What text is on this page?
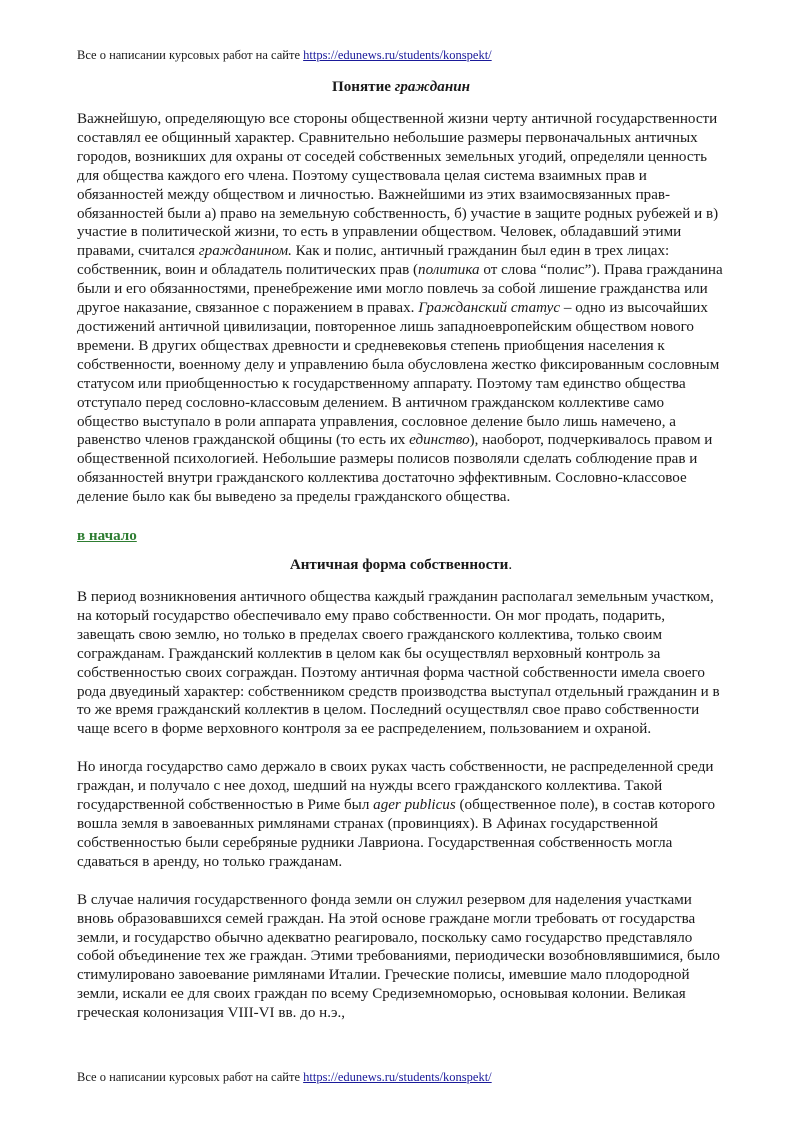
Все о написании курсовых работ на сайте https://edunews.ru/students/konspekt/
Понятие гражданин

Важнейшую, определяющую все стороны общественной жизни черту античной государственности составлял ее общинный характер. Сравнительно небольшие размеры первоначальных античных городов, возникших для охраны от соседей собственных земельных угодий, определяли ценность для общества каждого его члена. Поэтому существовала целая система взаимных прав и обязанностей между обществом и личностью. Важнейшими из этих взаимосвязанных прав-обязанностей были а) право на земельную собственность, б) участие в защите родных рубежей и в) участие в политической жизни, то есть в управлении обществом. Человек, обладавший этими правами, считался гражданином. Как и полис, античный гражданин был един в трех лицах: собственник, воин и обладатель политических прав (политика от слова “полис”). Права гражданина были и его обязанностями, пренебрежение ими могло повлечь за собой лишение гражданства или другое наказание, связанное с поражением в правах. Гражданский статус – одно из высочайших достижений античной цивилизации, повторенное лишь западноевропейским обществом нового времени. В других обществах древности и средневековья степень приобщения населения к собственности, военному делу и управлению была обусловлена жестко фиксированным сословным статусом или приобщенностью к государственному аппарату. Поэтому там единство общества отступало перед сословно-классовым делением. В античном гражданском коллективе само общество выступало в роли аппарата управления, сословное деление было лишь намечено, а равенство членов гражданской общины (то есть их единство), наоборот, подчеркивалось правом и общественной психологией. Небольшие размеры полисов позволяли сделать соблюдение прав и обязанностей внутри гражданского коллектива достаточно эффективным. Сословно-классовое деление было как бы выведено за пределы гражданского общества.

в начало
Античная форма собственности.

В период возникновения античного общества каждый гражданин располагал земельным участком, на который государство обеспечивало ему право собственности. Он мог продать, подарить, завещать свою землю, но только в пределах своего гражданского коллектива, только своим согражданам. Гражданский коллектив в целом как бы осуществлял верховный контроль за собственностью своих сограждан. Поэтому античная форма частной собственности имела своего рода двуединый характер: собственником средств производства выступал отдельный гражданин и в то же время гражданский коллектив в целом. Последний осуществлял свое право собственности чаще всего в форме верховного контроля за ее распределением, пользованием и охраной.

Но иногда государство само держало в своих руках часть собственности, не распределенной среди граждан, и получало с нее доход, шедший на нужды всего гражданского коллектива. Такой государственной собственностью в Риме был ager publicus (общественное поле), в состав которого вошла земля в завоеванных римлянами странах (провинциях). В Афинах государственной собственностью были серебряные рудники Лавриона. Государственная собственность могла сдаваться в аренду, но только гражданам.

В случае наличия государственного фонда земли он служил резервом для наделения участками вновь образовавшихся семей граждан. На этой основе граждане могли требовать от государства земли, и государство обычно адекватно реагировало, поскольку само государство представляло собой объединение тех же граждан. Этими требованиями, периодически возобновлявшимися, было стимулировано завоевание римлянами Италии. Греческие полисы, имевшие мало плодородной земли, искали ее для своих граждан по всему Средиземноморью, основывая колонии. Великая греческая колонизация VIII-VI вв. до н.э.,

Все о написании курсовых работ на сайте https://edunews.ru/students/konspekt/
